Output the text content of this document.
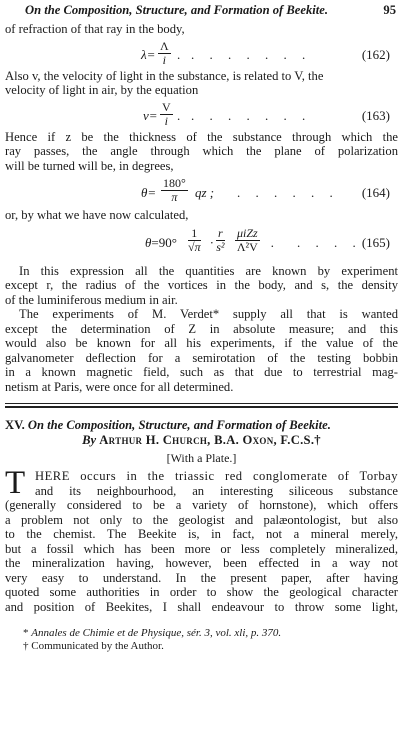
On the Composition, Structure, and Formation of Beekite.	95
of refraction of that ray in the body,
$\lambda= \frac{\Lambda}{i}$ . . . . . . . .	(162)
Also v, the velocity of light in the substance, is related to V, the
velocity of light in air, by the equation
$v= \frac{V}{i}$ . . . . . . . .	(163)
Hence if z be the thickness of the substance through which the
ray passes, the angle through which the plane of polarization
will be turned will be, in degrees,
$\theta= \frac{180^\circ}{\pi}$ qz ; . . . . . . (164)
or, by what we have now calculated,
$\theta=90^\circ \frac{1}{√\pi} \cdot \frac{r}{\text{s²}}$ μiZz
Λ²V . . . . . (165)
In this expression all the quantities are known by experiment
except r, the radius of the vortices in the body, and s, the density
of the luminiferous medium in air.
The experiments of M. Verdet* supply all that is wanted
except the determination of Z in absolute measure; and this
would also be known for all his experiments, if the value of the
galvanometer deflection for a semirotation of the testing bobbin
in a known magnetic field, such as that due to terrestrial mag-
netism at Paris, were once for all determined.
XV. On the Composition, Structure, and Formation of Beekite.
By Arthur H. Church, B.A. Oxon, F.C.S.†
[With a Plate.]
T HERE occurs in the triassic red conglomerate of Torbay
and its neighbourhood, an interesting siliceous substance
(generally considered to be a variety of hornstone), which offers
a problem not only to the geologist and palæontologist, but also
to the chemist. The Beekite is, in fact, not a mineral merely,
but a fossil which has been more or less completely mineralized,
the mineralization having, however, been effected in a way not
very easy to understand. In the present paper, after having
quoted some authorities in order to show the geological character
and position of Beekites, I shall endeavour to throw some light,
* Annales de Chimie et de Physique, sér. 3, vol. xli, p. 370.
† Communicated by the Author.
